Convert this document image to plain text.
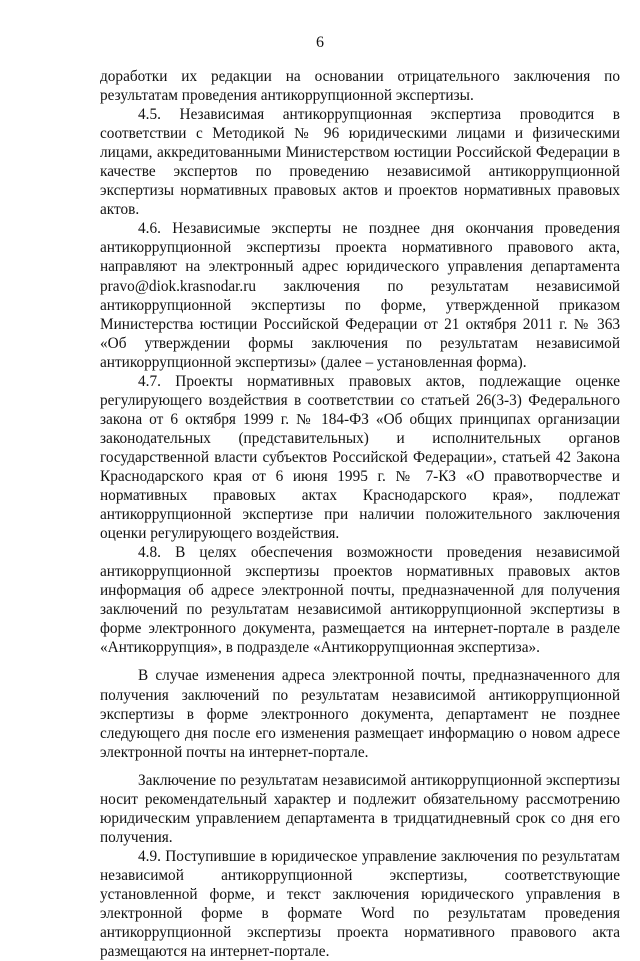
6

доработки их редакции на основании отрицательного заключения по результатам проведения антикоррупционной экспертизы.

4.5. Независимая антикоррупционная экспертиза проводится в соответствии с Методикой № 96 юридическими лицами и физическими лицами, аккредитованными Министерством юстиции Российской Федерации в качестве экспертов по проведению независимой антикоррупционной экспертизы нормативных правовых актов и проектов нормативных правовых актов.

4.6. Независимые эксперты не позднее дня окончания проведения антикоррупционной экспертизы проекта нормативного правового акта, направляют на электронный адрес юридического управления департамента pravo@diok.krasnodar.ru заключения по результатам независимой антикоррупционной экспертизы по форме, утвержденной приказом Министерства юстиции Российской Федерации от 21 октября 2011 г. № 363 «Об утверждении формы заключения по результатам независимой антикоррупционной экспертизы» (далее – установленная форма).

4.7. Проекты нормативных правовых актов, подлежащие оценке регулирующего воздействия в соответствии со статьей 26(3-3) Федерального закона от 6 октября 1999 г. № 184-ФЗ «Об общих принципах организации законодательных (представительных) и исполнительных органов государственной власти субъектов Российской Федерации», статьей 42 Закона Краснодарского края от 6 июня 1995 г. № 7-КЗ «О правотворчестве и нормативных правовых актах Краснодарского края», подлежат антикоррупционной экспертизе при наличии положительного заключения оценки регулирующего воздействия.

4.8. В целях обеспечения возможности проведения независимой антикоррупционной экспертизы проектов нормативных правовых актов информация об адресе электронной почты, предназначенной для получения заключений по результатам независимой антикоррупционной экспертизы в форме электронного документа, размещается на интернет-портале в разделе «Антикоррупция», в подразделе «Антикоррупционная экспертиза».

В случае изменения адреса электронной почты, предназначенного для получения заключений по результатам независимой антикоррупционной экспертизы в форме электронного документа, департамент не позднее следующего дня после его изменения размещает информацию о новом адресе электронной почты на интернет-портале.

Заключение по результатам независимой антикоррупционной экспертизы носит рекомендательный характер и подлежит обязательному рассмотрению юридическим управлением департамента в тридцатидневный срок со дня его получения.

4.9. Поступившие в юридическое управление заключения по результатам независимой антикоррупционной экспертизы, соответствующие установленной форме, и текст заключения юридического управления в электронной форме в формате Word по результатам проведения антикоррупционной экспертизы проекта нормативного правового акта размещаются на интернет-портале.
